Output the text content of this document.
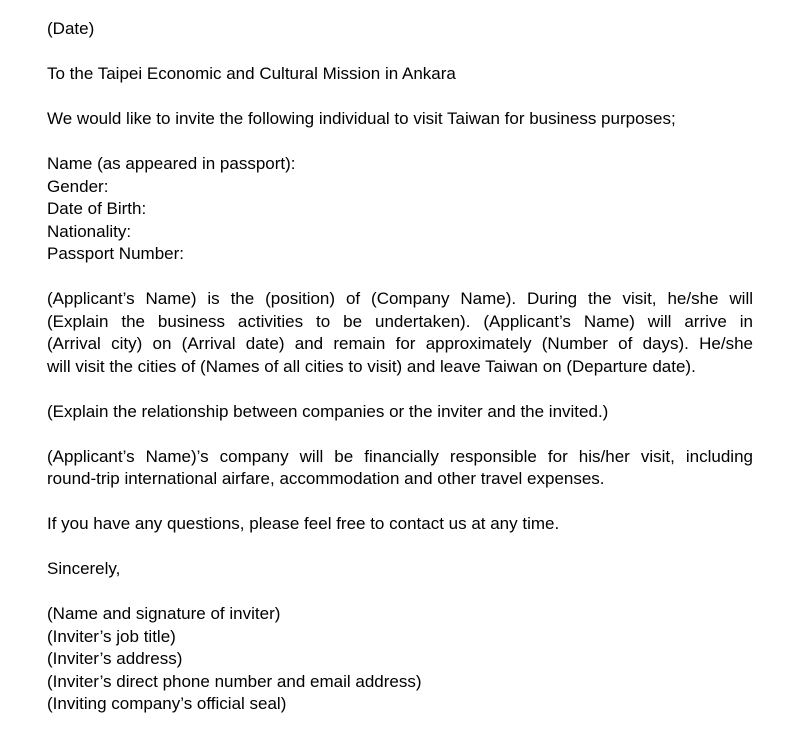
(Date)
To the Taipei Economic and Cultural Mission in Ankara
We would like to invite the following individual to visit Taiwan for business purposes;
Name (as appeared in passport):
Gender:
Date of Birth:
Nationality:
Passport Number:
(Applicant’s Name) is the (position) of (Company Name). During the visit, he/she will
(Explain the business activities to be undertaken). (Applicant’s Name) will arrive in
(Arrival city) on (Arrival date) and remain for approximately (Number of days). He/she
will visit the cities of (Names of all cities to visit) and leave Taiwan on (Departure date).
(Explain the relationship between companies or the inviter and the invited.)
(Applicant’s Name)’s company will be financially responsible for his/her visit, including
round-trip international airfare, accommodation and other travel expenses.
If you have any questions, please feel free to contact us at any time.
Sincerely,
(Name and signature of inviter)
(Inviter’s job title)
(Inviter’s address)
(Inviter’s direct phone number and email address)
(Inviting company’s official seal)
